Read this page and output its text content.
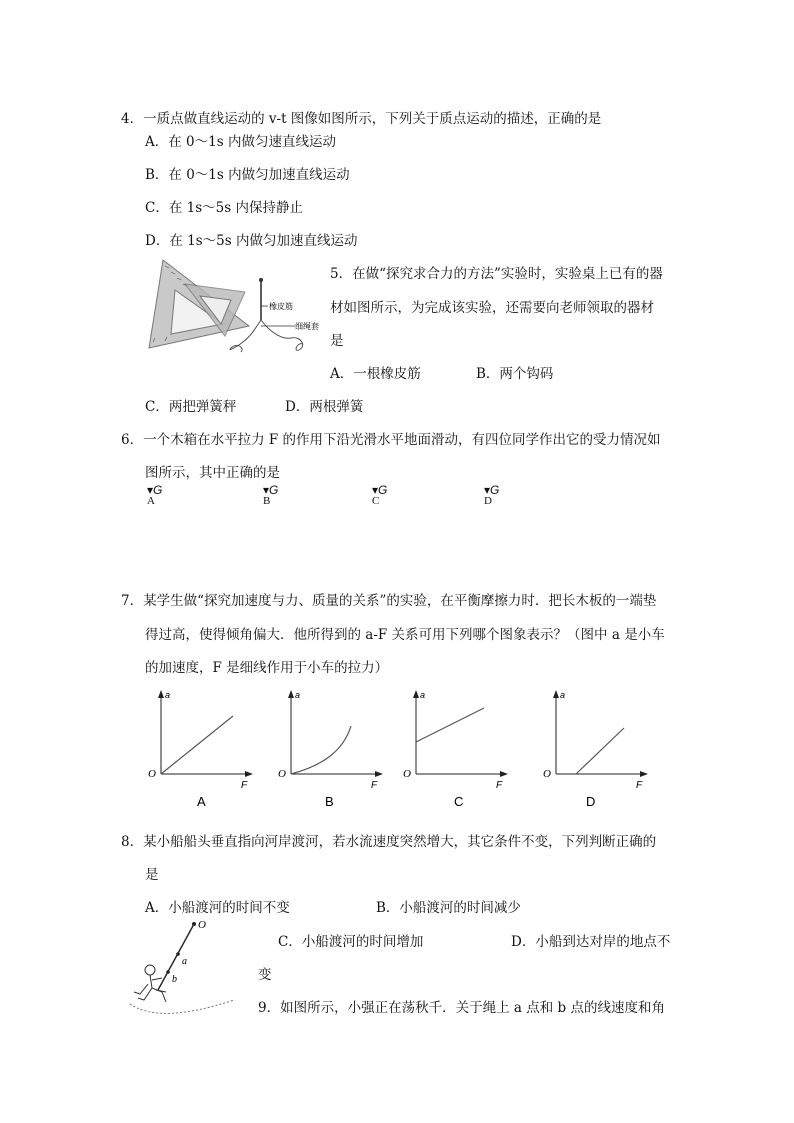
4．一质点做直线运动的 v-t 图像如图所示，下列关于质点运动的描述，正确的是
A．在 0～1s 内做匀速直线运动
B．在 0～1s 内做匀加速直线运动
C．在 1s～5s 内保持静止
D．在 1s～5s 内做匀加速直线运动
橡皮筋
细绳套
5．在做“探究求合力的方法”实验时，实验桌上已有的器
材如图所示，为完成该实验，还需要向老师领取的器材
是
A．一根橡皮筋	B．两个钩码
C．两把弹簧秤	D．两根弹簧
6．一个木箱在水平拉力 F 的作用下沿光滑水平地面滑动，有四位同学作出它的受力情况如
图所示，其中正确的是
▾G
A
▾G
B
▾G
C
▾G
D
7．某学生做“探究加速度与力、质量的关系”的实验，在平衡摩擦力时．把长木板的一端垫
得过高，使得倾角偏大．他所得到的 a-F 关系可用下列哪个图象表示？（图中 a 是小车
的加速度，F 是细线作用于小车的拉力）
a
O
F
A
a
O
F
B
a
O
F
C
a
O
F
D
8．某小船船头垂直指向河岸渡河，若水流速度突然增大，其它条件不变，下列判断正确的
是
A．小船渡河的时间不变	B．小船渡河的时间减少
C．小船渡河的时间增加	D．小船到达对岸的地点不
变
O
a
b
9．如图所示，小强正在荡秋千．关于绳上 a 点和 b 点的线速度和角
